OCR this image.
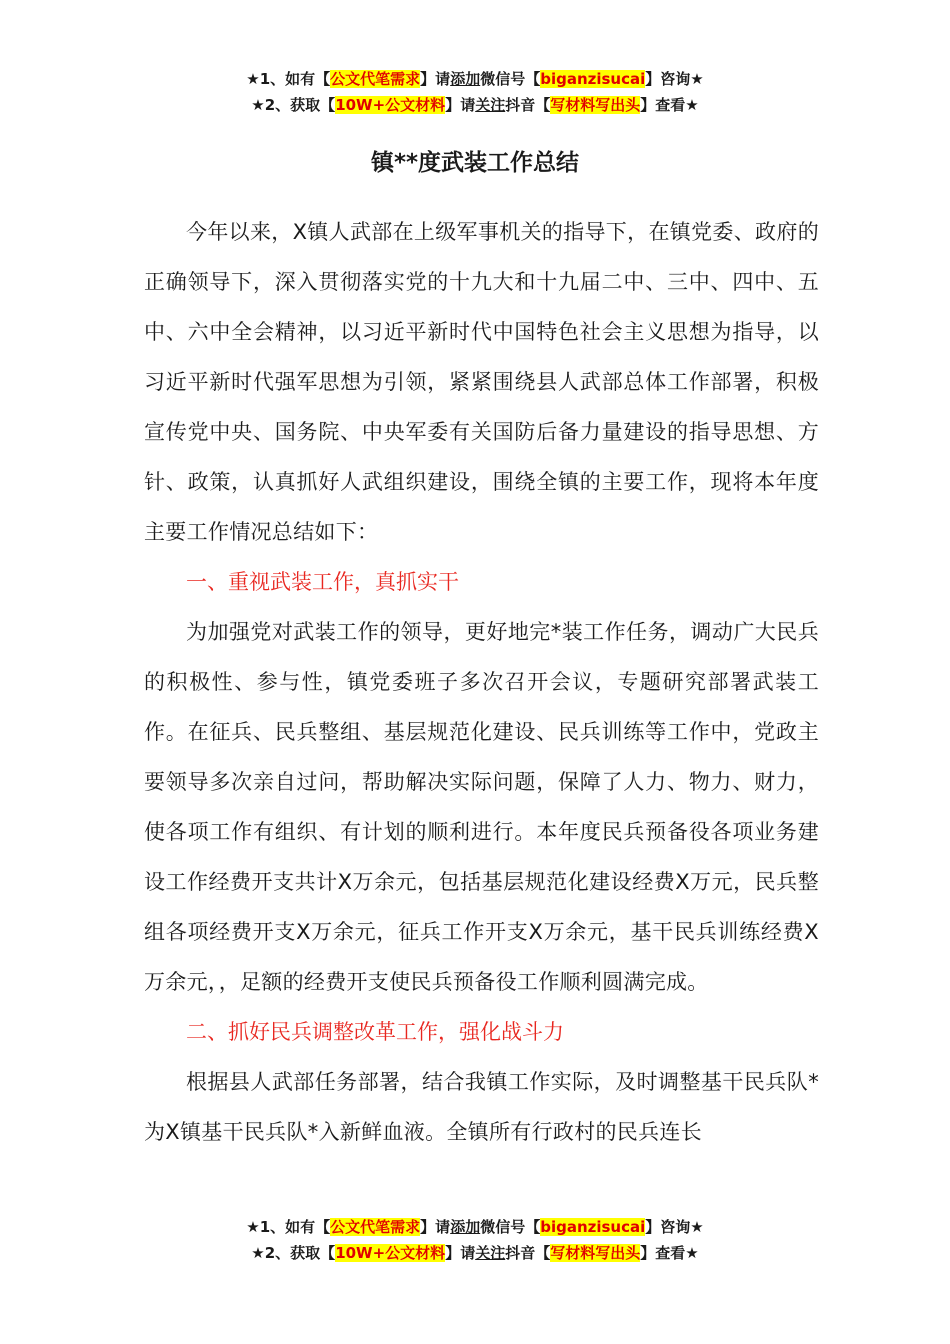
★1、如有【公文代笔需求】请添加微信号【biganzisucai】咨询★
★2、获取【10W+公文材料】请关注抖音【写材料写出头】查看★
镇**度武装工作总结

今年以来，X镇人武部在上级军事机关的指导下，在镇党委、政府的正确领导下，深入贯彻落实党的十九大和十九届二中、三中、四中、五中、六中全会精神，以习近平新时代中国特色社会主义思想为指导，以习近平新时代强军思想为引领，紧紧围绕县人武部总体工作部署，积极宣传党中央、国务院、中央军委有关国防后备力量建设的指导思想、方针、政策，认真抓好人武组织建设，围绕全镇的主要工作，现将本年度主要工作情况总结如下：

一、重视武装工作，真抓实干

为加强党对武装工作的领导，更好地完*装工作任务，调动广大民兵的积极性、参与性，镇党委班子多次召开会议，专题研究部署武装工作。在征兵、民兵整组、基层规范化建设、民兵训练等工作中，党政主要领导多次亲自过问，帮助解决实际问题，保障了人力、物力、财力，使各项工作有组织、有计划的顺利进行。本年度民兵预备役各项业务建设工作经费开支共计X万余元，包括基层规范化建设经费X万元，民兵整组各项经费开支X万余元，征兵工作开支X万余元，基干民兵训练经费X万余元，，足额的经费开支使民兵预备役工作顺利圆满完成。

二、抓好民兵调整改革工作，强化战斗力

根据县人武部任务部署，结合我镇工作实际，及时调整基干民兵队*为X镇基干民兵队*入新鲜血液。全镇所有行政村的民兵连长

★1、如有【公文代笔需求】请添加微信号【biganzisucai】咨询★
★2、获取【10W+公文材料】请关注抖音【写材料写出头】查看★
